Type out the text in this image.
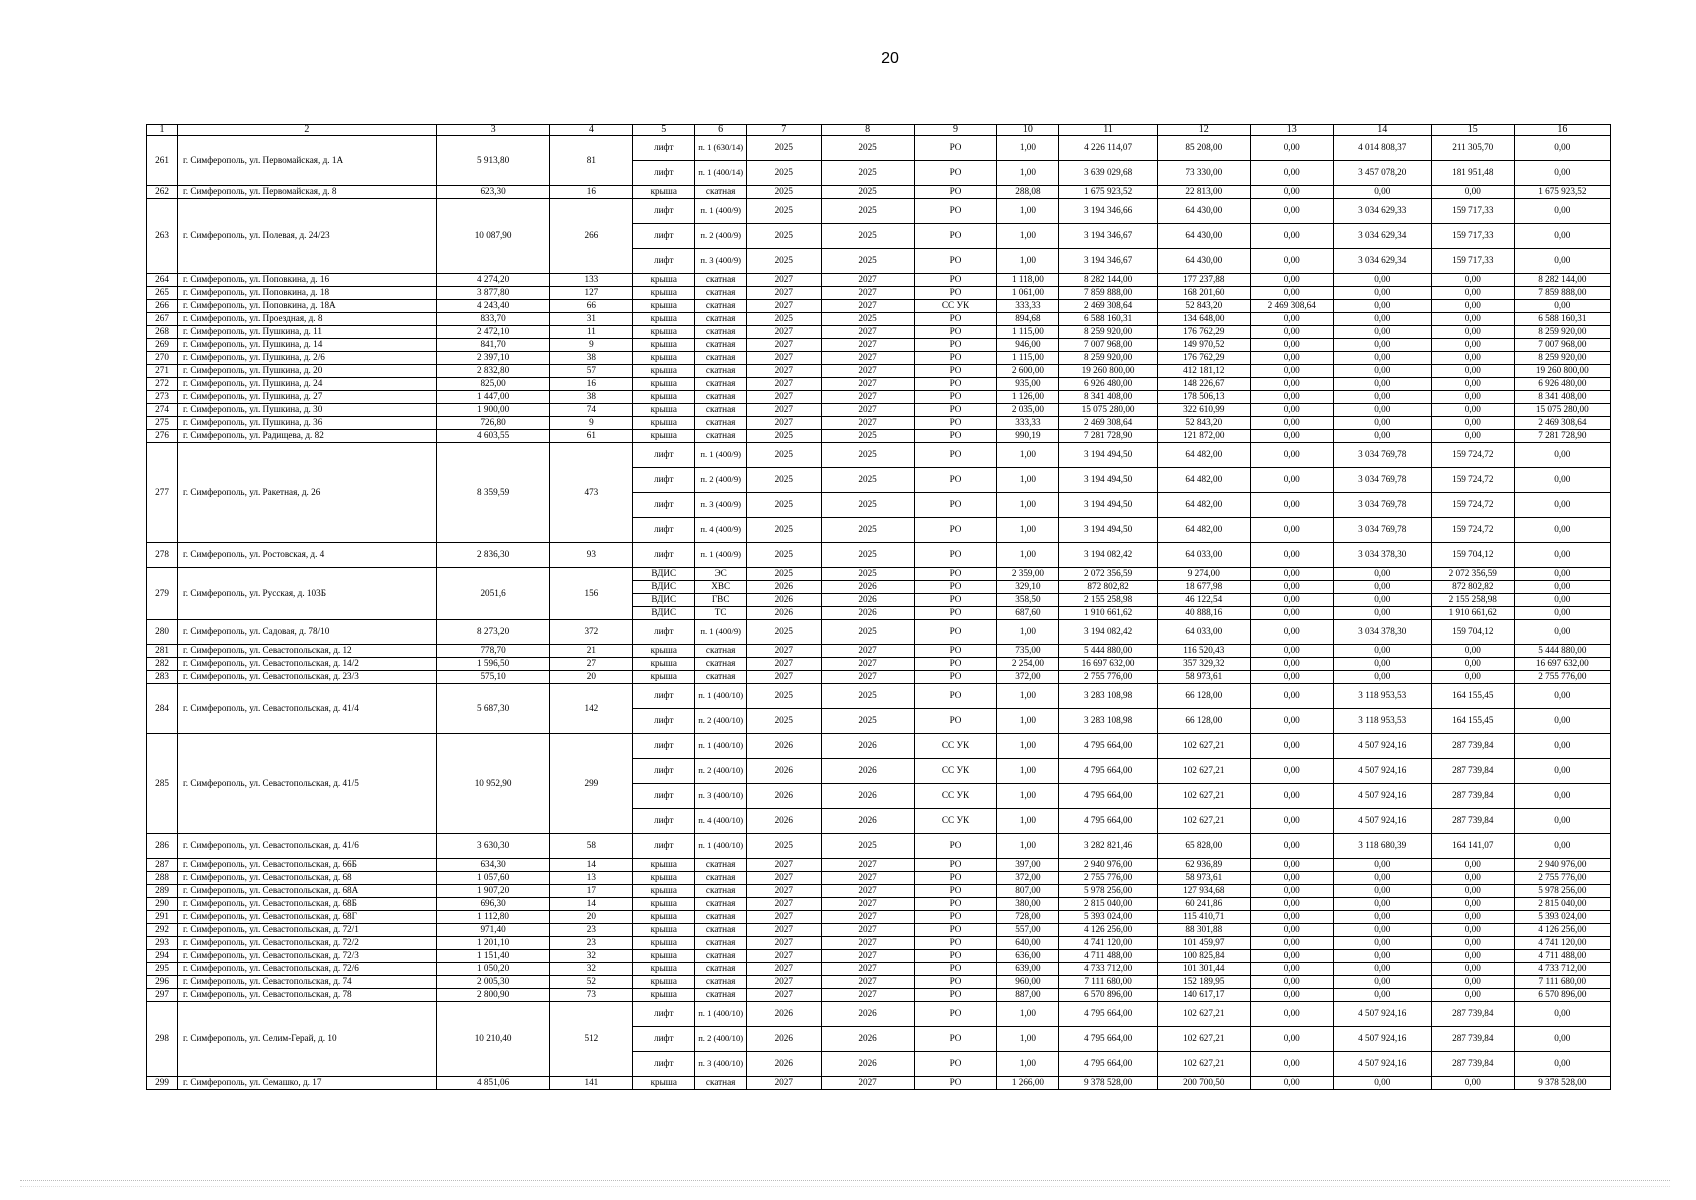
20
1	2	3	4	5	6	7	8	9	10	11	12	13	14	15	16
261	г. Симферополь, ул. Первомайская, д. 1А	5 913,80	81	лифт	п. 1 (630/14)	2025	2025	РО	1,00	4 226 114,07	85 208,00	0,00	4 014 808,37	211 305,70	0,00
				лифт	п. 1 (400/14)	2025	2025	РО	1,00	3 639 029,68	73 330,00	0,00	3 457 078,20	181 951,48	0,00
262	г. Симферополь, ул. Первомайская, д. 8	623,30	16	крыша	скатная	2025	2025	РО	288,08	1 675 923,52	22 813,00	0,00	0,00	0,00	1 675 923,52
263	г. Симферополь, ул. Полевая, д. 24/23	10 087,90	266	лифт	п. 1 (400/9)	2025	2025	РО	1,00	3 194 346,66	64 430,00	0,00	3 034 629,33	159 717,33	0,00
				лифт	п. 2 (400/9)	2025	2025	РО	1,00	3 194 346,67	64 430,00	0,00	3 034 629,34	159 717,33	0,00
				лифт	п. 3 (400/9)	2025	2025	РО	1,00	3 194 346,67	64 430,00	0,00	3 034 629,34	159 717,33	0,00
264	г. Симферополь, ул. Поповкина, д. 16	4 274,20	133	крыша	скатная	2027	2027	РО	1 118,00	8 282 144,00	177 237,88	0,00	0,00	0,00	8 282 144,00
265	г. Симферополь, ул. Поповкина, д. 18	3 877,80	127	крыша	скатная	2027	2027	РО	1 061,00	7 859 888,00	168 201,60	0,00	0,00	0,00	7 859 888,00
266	г. Симферополь, ул. Поповкина, д. 18А	4 243,40	66	крыша	скатная	2027	2027	СС УК	333,33	2 469 308,64	52 843,20	2 469 308,64	0,00	0,00	0,00
267	г. Симферополь, ул. Проездная, д. 8	833,70	31	крыша	скатная	2025	2025	РО	894,68	6 588 160,31	134 648,00	0,00	0,00	0,00	6 588 160,31
268	г. Симферополь, ул. Пушкина, д. 11	2 472,10	11	крыша	скатная	2027	2027	РО	1 115,00	8 259 920,00	176 762,29	0,00	0,00	0,00	8 259 920,00
269	г. Симферополь, ул. Пушкина, д. 14	841,70	9	крыша	скатная	2027	2027	РО	946,00	7 007 968,00	149 970,52	0,00	0,00	0,00	7 007 968,00
270	г. Симферополь, ул. Пушкина, д. 2/6	2 397,10	38	крыша	скатная	2027	2027	РО	1 115,00	8 259 920,00	176 762,29	0,00	0,00	0,00	8 259 920,00
271	г. Симферополь, ул. Пушкина, д. 20	2 832,80	57	крыша	скатная	2027	2027	РО	2 600,00	19 260 800,00	412 181,12	0,00	0,00	0,00	19 260 800,00
272	г. Симферополь, ул. Пушкина, д. 24	825,00	16	крыша	скатная	2027	2027	РО	935,00	6 926 480,00	148 226,67	0,00	0,00	0,00	6 926 480,00
273	г. Симферополь, ул. Пушкина, д. 27	1 447,00	38	крыша	скатная	2027	2027	РО	1 126,00	8 341 408,00	178 506,13	0,00	0,00	0,00	8 341 408,00
274	г. Симферополь, ул. Пушкина, д. 30	1 900,00	74	крыша	скатная	2027	2027	РО	2 035,00	15 075 280,00	322 610,99	0,00	0,00	0,00	15 075 280,00
275	г. Симферополь, ул. Пушкина, д. 36	726,80	9	крыша	скатная	2027	2027	РО	333,33	2 469 308,64	52 843,20	0,00	0,00	0,00	2 469 308,64
276	г. Симферополь, ул. Радищева, д. 82	4 603,55	61	крыша	скатная	2025	2025	РО	990,19	7 281 728,90	121 872,00	0,00	0,00	0,00	7 281 728,90
277	г. Симферополь, ул. Ракетная, д. 26	8 359,59	473	лифт	п. 1 (400/9)	2025	2025	РО	1,00	3 194 494,50	64 482,00	0,00	3 034 769,78	159 724,72	0,00
				лифт	п. 2 (400/9)	2025	2025	РО	1,00	3 194 494,50	64 482,00	0,00	3 034 769,78	159 724,72	0,00
				лифт	п. 3 (400/9)	2025	2025	РО	1,00	3 194 494,50	64 482,00	0,00	3 034 769,78	159 724,72	0,00
				лифт	п. 4 (400/9)	2025	2025	РО	1,00	3 194 494,50	64 482,00	0,00	3 034 769,78	159 724,72	0,00
278	г. Симферополь, ул. Ростовская, д. 4	2 836,30	93	лифт	п. 1 (400/9)	2025	2025	РО	1,00	3 194 082,42	64 033,00	0,00	3 034 378,30	159 704,12	0,00
279	г. Симферополь, ул. Русская, д. 103Б	2051,6	156	ВДИС	ЭС	2025	2025	РО	2 359,00	2 072 356,59	9 274,00	0,00	0,00	2 072 356,59	0,00
				ВДИС	ХВС	2026	2026	РО	329,10	872 802,82	18 677,98	0,00	0,00	872 802,82	0,00
				ВДИС	ГВС	2026	2026	РО	358,50	2 155 258,98	46 122,54	0,00	0,00	2 155 258,98	0,00
				ВДИС	ТС	2026	2026	РО	687,60	1 910 661,62	40 888,16	0,00	0,00	1 910 661,62	0,00
280	г. Симферополь, ул. Садовая, д. 78/10	8 273,20	372	лифт	п. 1 (400/9)	2025	2025	РО	1,00	3 194 082,42	64 033,00	0,00	3 034 378,30	159 704,12	0,00
281	г. Симферополь, ул. Севастопольская, д. 12	778,70	21	крыша	скатная	2027	2027	РО	735,00	5 444 880,00	116 520,43	0,00	0,00	0,00	5 444 880,00
282	г. Симферополь, ул. Севастопольская, д. 14/2	1 596,50	27	крыша	скатная	2027	2027	РО	2 254,00	16 697 632,00	357 329,32	0,00	0,00	0,00	16 697 632,00
283	г. Симферополь, ул. Севастопольская, д. 23/3	575,10	20	крыша	скатная	2027	2027	РО	372,00	2 755 776,00	58 973,61	0,00	0,00	0,00	2 755 776,00
284	г. Симферополь, ул. Севастопольская, д. 41/4	5 687,30	142	лифт	п. 1 (400/10)	2025	2025	РО	1,00	3 283 108,98	66 128,00	0,00	3 118 953,53	164 155,45	0,00
				лифт	п. 2 (400/10)	2025	2025	РО	1,00	3 283 108,98	66 128,00	0,00	3 118 953,53	164 155,45	0,00
285	г. Симферополь, ул. Севастопольская, д. 41/5	10 952,90	299	лифт	п. 1 (400/10)	2026	2026	СС УК	1,00	4 795 664,00	102 627,21	0,00	4 507 924,16	287 739,84	0,00
				лифт	п. 2 (400/10)	2026	2026	СС УК	1,00	4 795 664,00	102 627,21	0,00	4 507 924,16	287 739,84	0,00
				лифт	п. 3 (400/10)	2026	2026	СС УК	1,00	4 795 664,00	102 627,21	0,00	4 507 924,16	287 739,84	0,00
				лифт	п. 4 (400/10)	2026	2026	СС УК	1,00	4 795 664,00	102 627,21	0,00	4 507 924,16	287 739,84	0,00
286	г. Симферополь, ул. Севастопольская, д. 41/6	3 630,30	58	лифт	п. 1 (400/10)	2025	2025	РО	1,00	3 282 821,46	65 828,00	0,00	3 118 680,39	164 141,07	0,00
287	г. Симферополь, ул. Севастопольская, д. 66Б	634,30	14	крыша	скатная	2027	2027	РО	397,00	2 940 976,00	62 936,89	0,00	0,00	0,00	2 940 976,00
288	г. Симферополь, ул. Севастопольская, д. 68	1 057,60	13	крыша	скатная	2027	2027	РО	372,00	2 755 776,00	58 973,61	0,00	0,00	0,00	2 755 776,00
289	г. Симферополь, ул. Севастопольская, д. 68А	1 907,20	17	крыша	скатная	2027	2027	РО	807,00	5 978 256,00	127 934,68	0,00	0,00	0,00	5 978 256,00
290	г. Симферополь, ул. Севастопольская, д. 68Б	696,30	14	крыша	скатная	2027	2027	РО	380,00	2 815 040,00	60 241,86	0,00	0,00	0,00	2 815 040,00
291	г. Симферополь, ул. Севастопольская, д. 68Г	1 112,80	20	крыша	скатная	2027	2027	РО	728,00	5 393 024,00	115 410,71	0,00	0,00	0,00	5 393 024,00
292	г. Симферополь, ул. Севастопольская, д. 72/1	971,40	23	крыша	скатная	2027	2027	РО	557,00	4 126 256,00	88 301,88	0,00	0,00	0,00	4 126 256,00
293	г. Симферополь, ул. Севастопольская, д. 72/2	1 201,10	23	крыша	скатная	2027	2027	РО	640,00	4 741 120,00	101 459,97	0,00	0,00	0,00	4 741 120,00
294	г. Симферополь, ул. Севастопольская, д. 72/3	1 151,40	32	крыша	скатная	2027	2027	РО	636,00	4 711 488,00	100 825,84	0,00	0,00	0,00	4 711 488,00
295	г. Симферополь, ул. Севастопольская, д. 72/6	1 050,20	32	крыша	скатная	2027	2027	РО	639,00	4 733 712,00	101 301,44	0,00	0,00	0,00	4 733 712,00
296	г. Симферополь, ул. Севастопольская, д. 74	2 005,30	52	крыша	скатная	2027	2027	РО	960,00	7 111 680,00	152 189,95	0,00	0,00	0,00	7 111 680,00
297	г. Симферополь, ул. Севастопольская, д. 78	2 800,90	73	крыша	скатная	2027	2027	РО	887,00	6 570 896,00	140 617,17	0,00	0,00	0,00	6 570 896,00
298	г. Симферополь, ул. Селим-Герай, д. 10	10 210,40	512	лифт	п. 1 (400/10)	2026	2026	РО	1,00	4 795 664,00	102 627,21	0,00	4 507 924,16	287 739,84	0,00
				лифт	п. 2 (400/10)	2026	2026	РО	1,00	4 795 664,00	102 627,21	0,00	4 507 924,16	287 739,84	0,00
				лифт	п. 3 (400/10)	2026	2026	РО	1,00	4 795 664,00	102 627,21	0,00	4 507 924,16	287 739,84	0,00
299	г. Симферополь, ул. Семашко, д. 17	4 851,06	141	крыша	скатная	2027	2027	РО	1 266,00	9 378 528,00	200 700,50	0,00	0,00	0,00	9 378 528,00
